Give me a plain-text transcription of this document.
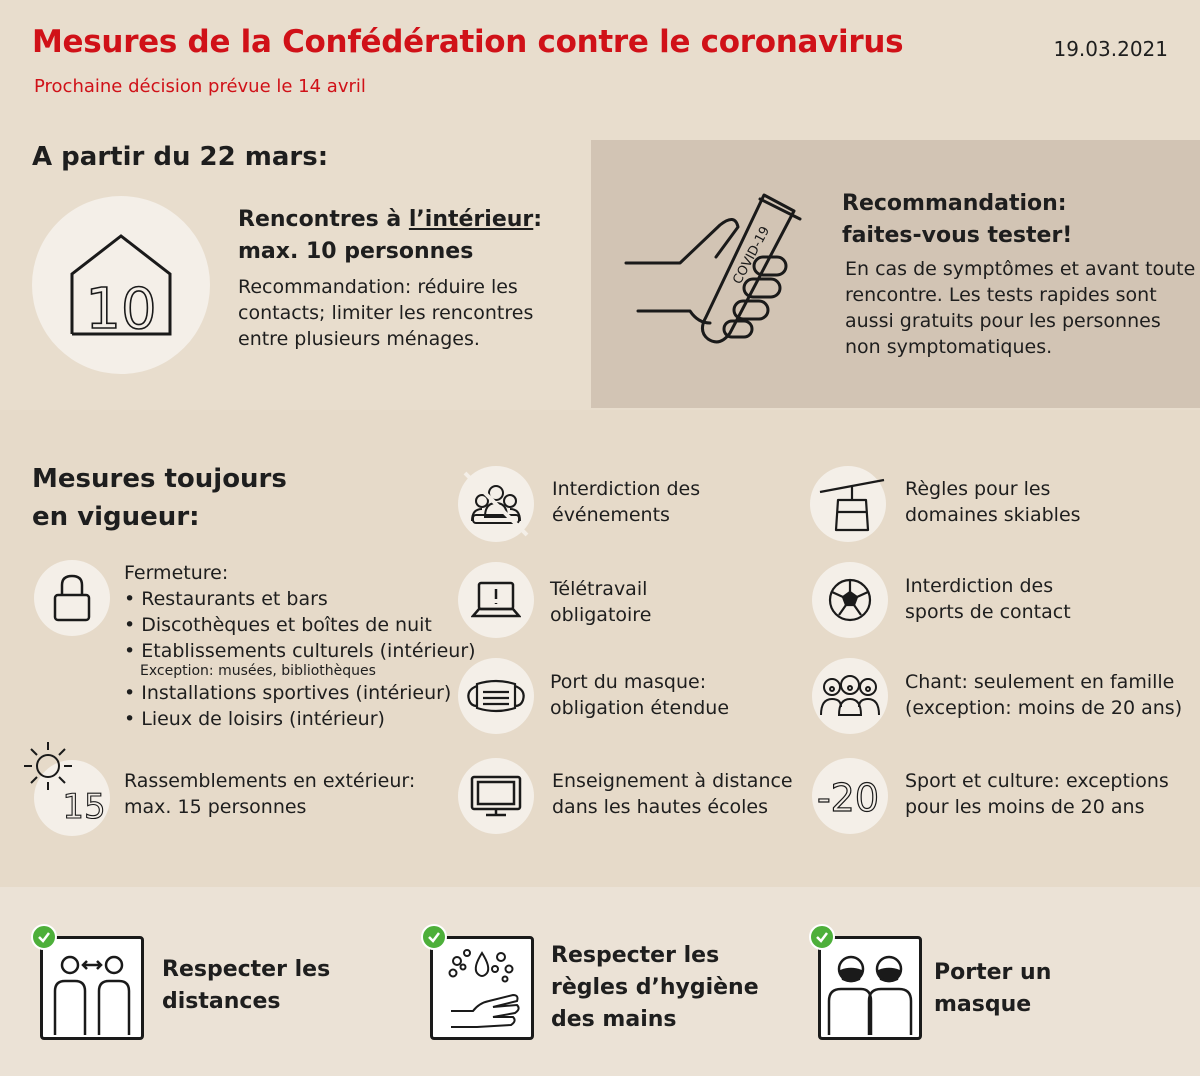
Mesures de la Confédération contre le coronavirus	19.03.2021
Prochaine décision prévue le 14 avril
A partir du 22 mars:
10
Rencontres à l’intérieur:
max. 10 personnes
Recommandation: réduire les
contacts; limiter les rencontres
entre plusieurs ménages.
COVID-19
Recommandation:
faites-vous tester!
En cas de symptômes et avant toute
rencontre. Les tests rapides sont
aussi gratuits pour les personnes
non symptomatiques.
Mesures toujours
en vigueur:
Fermeture:
• Restaurants et bars
• Discothèques et boîtes de nuit
• Etablissements culturels (intérieur)
Exception: musées, bibliothèques
• Installations sportives (intérieur)
• Lieux de loisirs (intérieur)
15
Rassemblements en extérieur:
max. 15 personnes
Interdiction des
événements
Télétravail
obligatoire
Port du masque:
obligation étendue
Enseignement à distance
dans les hautes écoles
Règles pour les
domaines skiables
Interdiction des
sports de contact
Chant: seulement en famille
(exception: moins de 20 ans)
-20 Sport et culture: exceptions
pour les moins de 20 ans
Respecter les
distances
Respecter les
règles d’hygiène
des mains
Porter un
masque
